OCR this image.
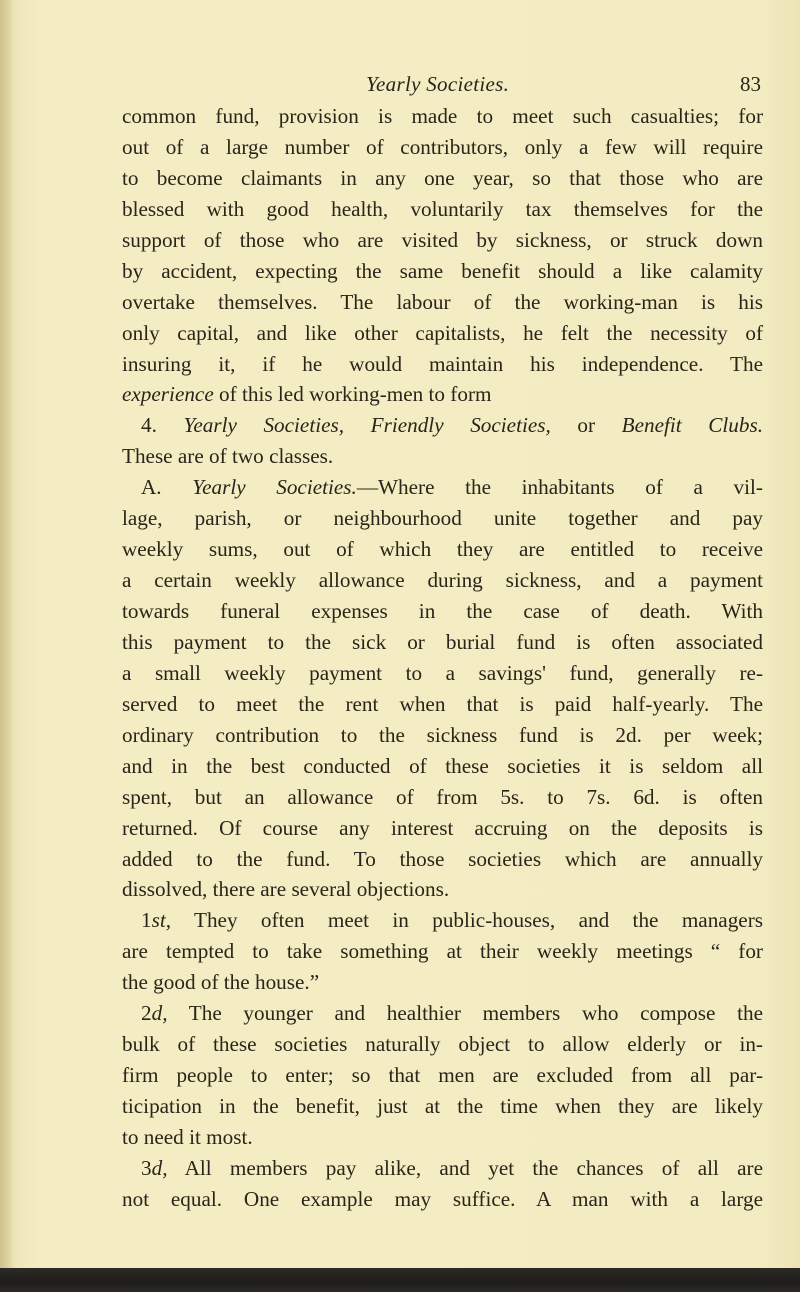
Yearly Societies.	83
common fund, provision is made to meet such casualties; for
out of a large number of contributors, only a few will require
to become claimants in any one year, so that those who are
blessed with good health, voluntarily tax themselves for the
support of those who are visited by sickness, or struck down
by accident, expecting the same benefit should a like calamity
overtake themselves. The labour of the working-man is his
only capital, and like other capitalists, he felt the necessity of
insuring it, if he would maintain his independence. The
experience of this led working-men to form
4. Yearly Societies, Friendly Societies, or Benefit Clubs.
These are of two classes.
A. Yearly Societies.—Where the inhabitants of a vil-
lage, parish, or neighbourhood unite together and pay
weekly sums, out of which they are entitled to receive
a certain weekly allowance during sickness, and a payment
towards funeral expenses in the case of death. With
this payment to the sick or burial fund is often associated
a small weekly payment to a savings' fund, generally re-
served to meet the rent when that is paid half-yearly. The
ordinary contribution to the sickness fund is 2d. per week;
and in the best conducted of these societies it is seldom all
spent, but an allowance of from 5s. to 7s. 6d. is often
returned. Of course any interest accruing on the deposits is
added to the fund. To those societies which are annually
dissolved, there are several objections.
1st, They often meet in public-houses, and the managers
are tempted to take something at their weekly meetings “ for
the good of the house.”
2d, The younger and healthier members who compose the
bulk of these societies naturally object to allow elderly or in-
firm people to enter; so that men are excluded from all par-
ticipation in the benefit, just at the time when they are likely
to need it most.
3d, All members pay alike, and yet the chances of all are
not equal. One example may suffice. A man with a large
